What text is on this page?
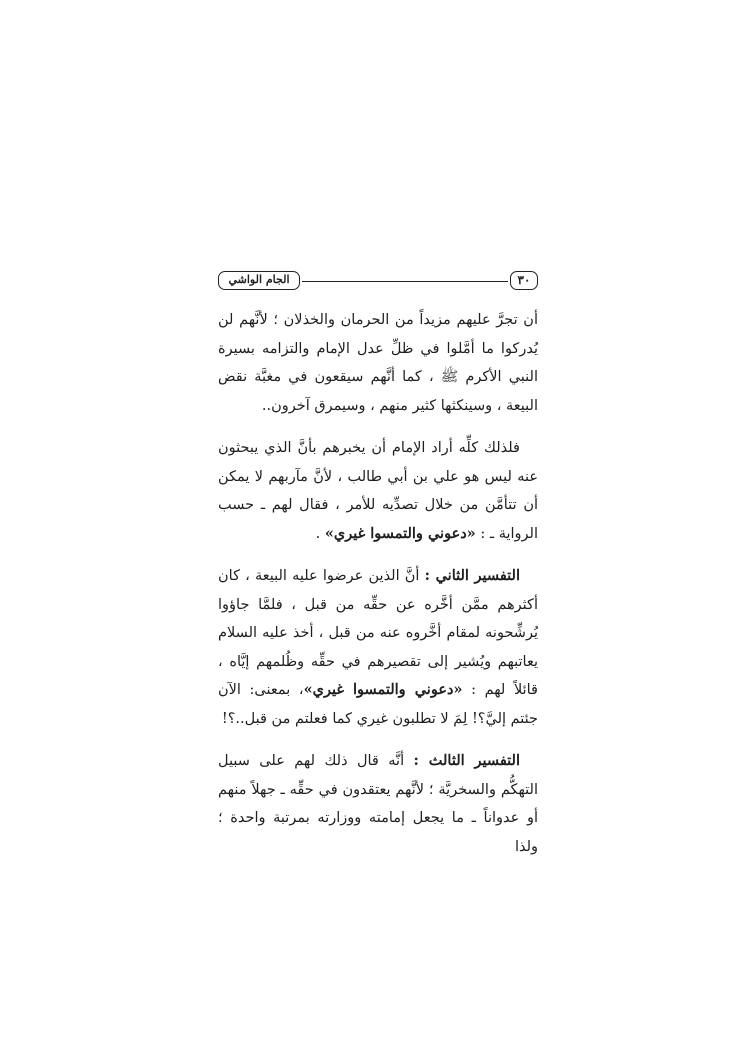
الجام الواشي	٣٠

أن تجرَّ عليهم مزيداً من الحرمان والخذلان ؛ لأنَّهم لن يُدركوا ما أمَّلوا في ظلِّ عدل الإمام والتزامه بسيرة النبي الأكرم ﷺ ، كما أنَّهم سيقعون في مغبَّة نقض البيعة ، وسينكثها كثير منهم ، وسيمرق آخرون..

فلذلك كلِّه أراد الإمام أن يخبرهم بأنَّ الذي يبحثون عنه ليس هو علي بن أبي طالب ، لأنَّ مآربهم لا يمكن أن تتأمَّن من خلال تصدِّيه للأمر ، فقال لهم ـ حسب الرواية ـ : «دعوني والتمسوا غيري» .

التفسير الثاني : أنَّ الذين عرضوا عليه البيعة ، كان أكثرهم ممَّن أخَّره عن حقِّه من قبل ، فلمَّا جاؤوا يُرشِّحونه لمقام أخَّروه عنه من قبل ، أخذ عليه السلام يعاتبهم ويُشير إلى تقصيرهم في حقِّه وظُلمهم إيَّاه ، قائلاً لهم : «دعوني والتمسوا غيري»، بمعنى: الآن جئتم إليَّ؟! لِمَ لا تطلبون غيري كما فعلتم من قبل..؟!

التفسير الثالث : أنَّه قال ذلك لهم على سبيل التهكُّم والسخريَّة ؛ لأنَّهم يعتقدون في حقِّه ـ جهلاً منهم أو عدواناً ـ ما يجعل إمامته ووزارته بمرتبة واحدة ؛ ولذا
